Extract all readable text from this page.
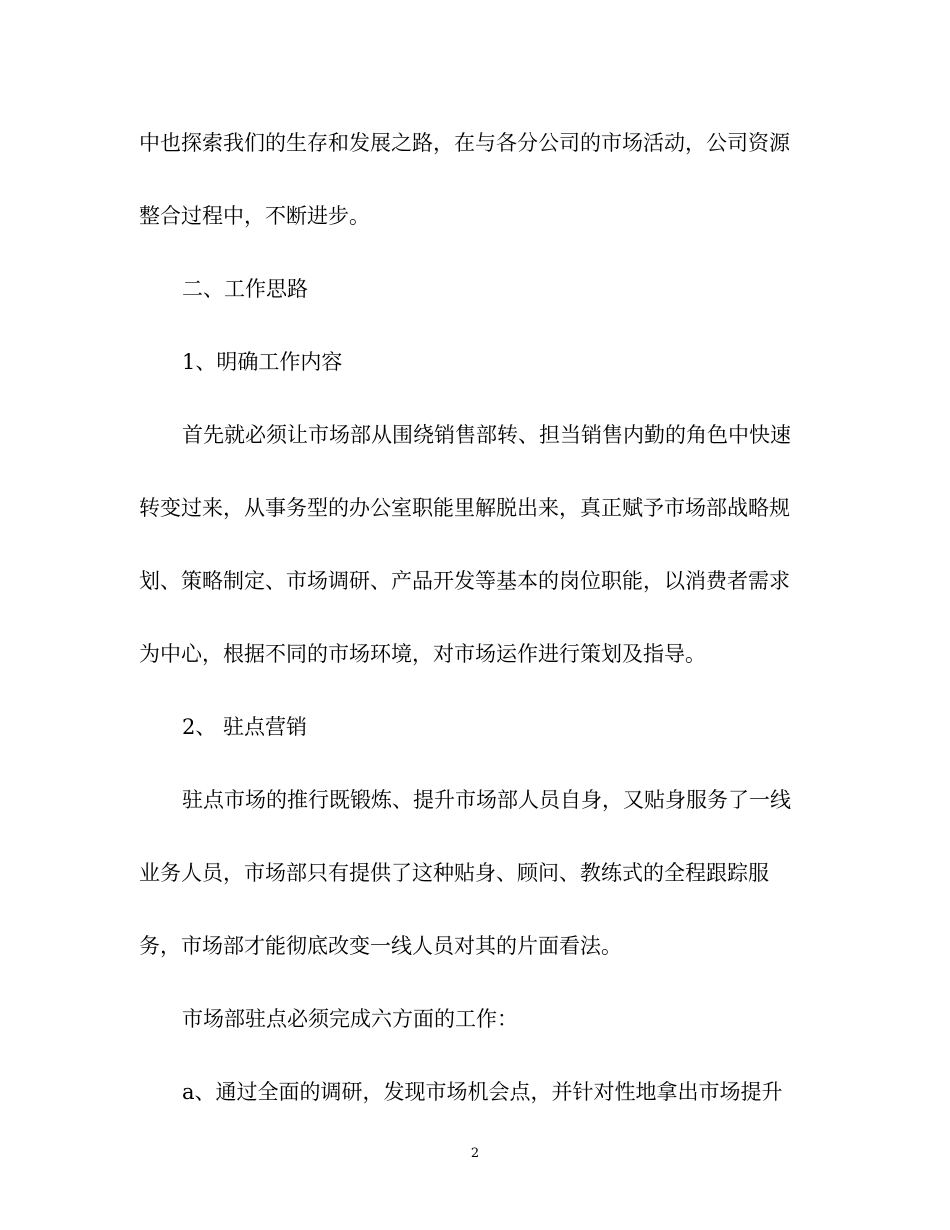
中也探索我们的生存和发展之路，在与各分公司的市场活动，公司资源
整合过程中，不断进步。
二、工作思路
1、明确工作内容
首先就必须让市场部从围绕销售部转、担当销售内勤的角色中快速
转变过来，从事务型的办公室职能里解脱出来，真正赋予市场部战略规
划、策略制定、市场调研、产品开发等基本的岗位职能，以消费者需求
为中心，根据不同的市场环境，对市场运作进行策划及指导。
2、 驻点营销
驻点市场的推行既锻炼、提升市场部人员自身，又贴身服务了一线
业务人员，市场部只有提供了这种贴身、顾问、教练式的全程跟踪服
务，市场部才能彻底改变一线人员对其的片面看法。
市场部驻点必须完成六方面的工作：
a、通过全面的调研，发现市场机会点，并针对性地拿出市场提升
2
